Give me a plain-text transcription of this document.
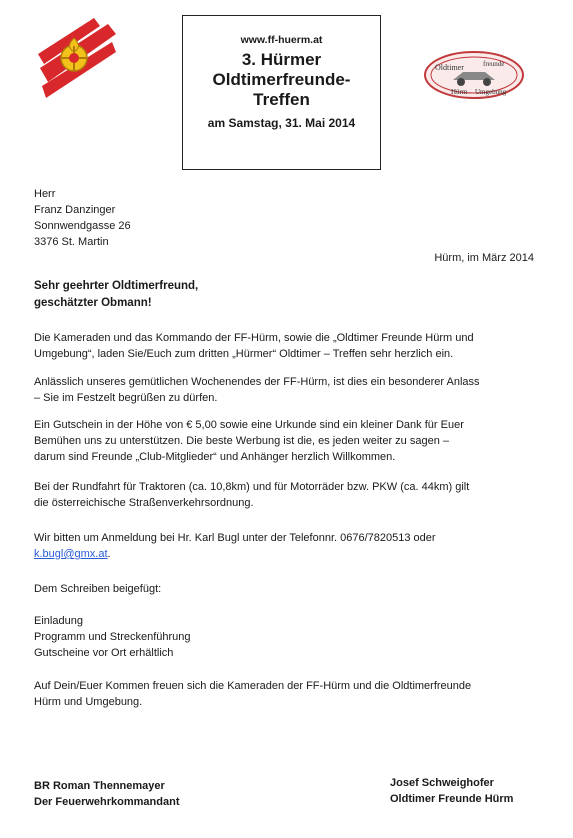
F.F. HÜRM
www.ff-huerm.at
3. Hürmer
Oldtimerfreunde-
Treffen
am Samstag, 31. Mai 2014
Oldtimer	freunde
Hürm Umgebung
Herr
Franz Danzinger
Sonnwendgasse 26
3376 St. Martin
Hürm, im März 2014
Sehr geehrter Oldtimerfreund,
geschätzter Obmann!
Die Kameraden und das Kommando der FF-Hürm, sowie die „Oldtimer Freunde Hürm und
Umgebung“, laden Sie/Euch zum dritten „Hürmer“ Oldtimer – Treffen sehr herzlich ein.
Anlässlich unseres gemütlichen Wochenendes der FF-Hürm, ist dies ein besonderer Anlass
– Sie im Festzelt begrüßen zu dürfen.
Ein Gutschein in der Höhe von € 5,00 sowie eine Urkunde sind ein kleiner Dank für Euer
Bemühen uns zu unterstützen. Die beste Werbung ist die, es jeden weiter zu sagen –
darum sind Freunde „Club-Mitglieder“ und Anhänger herzlich Willkommen.
Bei der Rundfahrt für Traktoren (ca. 10,8km) und für Motorräder bzw. PKW (ca. 44km) gilt
die österreichische Straßenverkehrsordnung.
Wir bitten um Anmeldung bei Hr. Karl Bugl unter der Telefonnr. 0676/7820513 oder
k.bugl@gmx.at.
Dem Schreiben beigefügt:
Einladung
Programm und Streckenführung
Gutscheine vor Ort erhältlich
Auf Dein/Euer Kommen freuen sich die Kameraden der FF-Hürm und die Oldtimerfreunde
Hürm und Umgebung.
BR Roman Thennemayer
Der Feuerwehrkommandant
Josef Schweighofer
Oldtimer Freunde Hürm
